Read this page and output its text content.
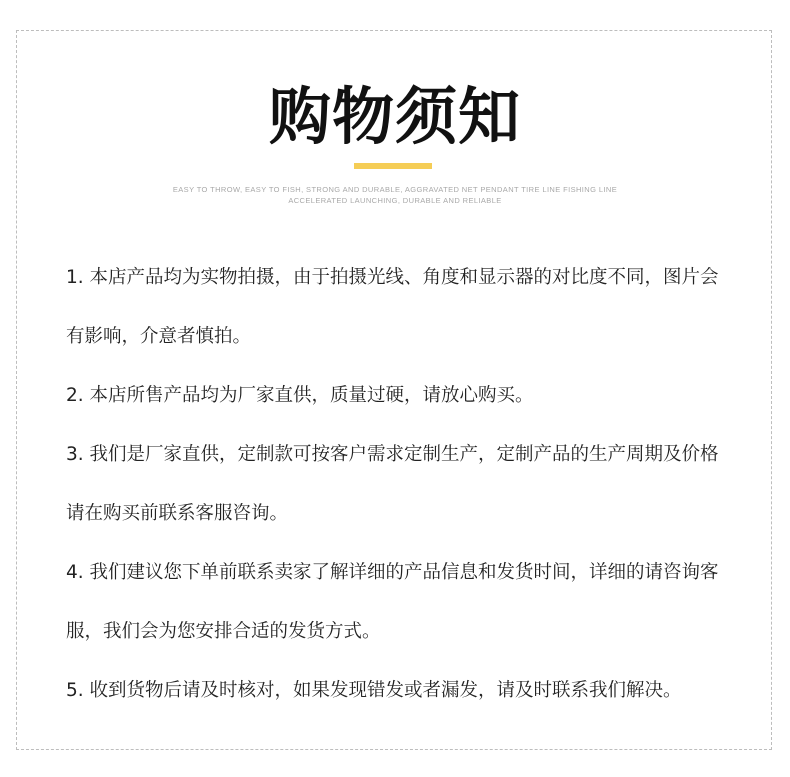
购物须知
EASY TO THROW, EASY TO FISH, STRONG AND DURABLE, AGGRAVATED NET PENDANT TIRE LINE FISHING LINE ACCELERATED LAUNCHING, DURABLE AND RELIABLE

1. 本店产品均为实物拍摄，由于拍摄光线、角度和显示器的对比度不同，图片会有影响，介意者慎拍。

2. 本店所售产品均为厂家直供，质量过硬，请放心购买。

3. 我们是厂家直供，定制款可按客户需求定制生产，定制产品的生产周期及价格请在购买前联系客服咨询。

4. 我们建议您下单前联系卖家了解详细的产品信息和发货时间，详细的请咨询客服，我们会为您安排合适的发货方式。

5. 收到货物后请及时核对，如果发现错发或者漏发，请及时联系我们解决。
